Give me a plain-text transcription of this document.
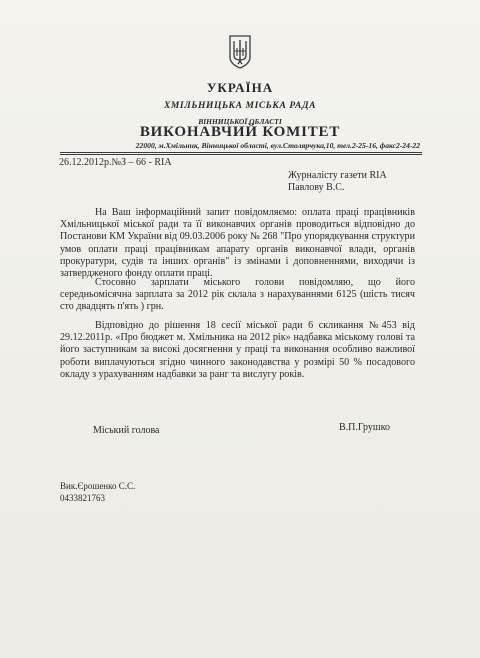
УКРАЇНА
ХМІЛЬНИЦЬКА МІСЬКА РАДА
ВІННИЦЬКОЇ ОБЛАСТІ
ВИКОНАВЧИЙ КОМІТЕТ
22000, м.Хмільник, Вінницької області, вул.Столярчука,10, тел.2-25-16, факс2-24-22
26.12.2012р.№З – 66 - RIA
Журналісту газети RIA
Павлову В.С.
На Ваш інформаційний запит повідомляємо: оплата праці працівників Хмільницької міської ради та її виконавчих органів проводиться відповідно до Постанови КМ України від 09.03.2006 року № 268 "Про упорядкування структури умов оплати праці працівникам апарату органів виконавчої влади, органів прокуратури, судів та інших органів" із змінами і доповненнями, виходячи із затвердженого фонду оплати праці.
Стосовно зарплати міського голови повідомляю, що його середньомісячна зарплата за 2012 рік склала з нарахуваннями 6125 (шість тисяч сто двадцять п'ять ) грн.
Відповідно до рішення 18 сесії міської ради 6 скликання №453 від 29.12.2011р. «Про бюджет м. Хмільника на 2012 рік» надбавка міському голові та його заступникам за високі досягнення у праці та виконання особливо важливої роботи виплачуються згідно чинного законодавства у розмірі 50 % посадового окладу з урахуванням надбавки за ранг та вислугу років.
Міський голова	В.П.Грушко
Вик.Єрошенко С.С.
0433821763
